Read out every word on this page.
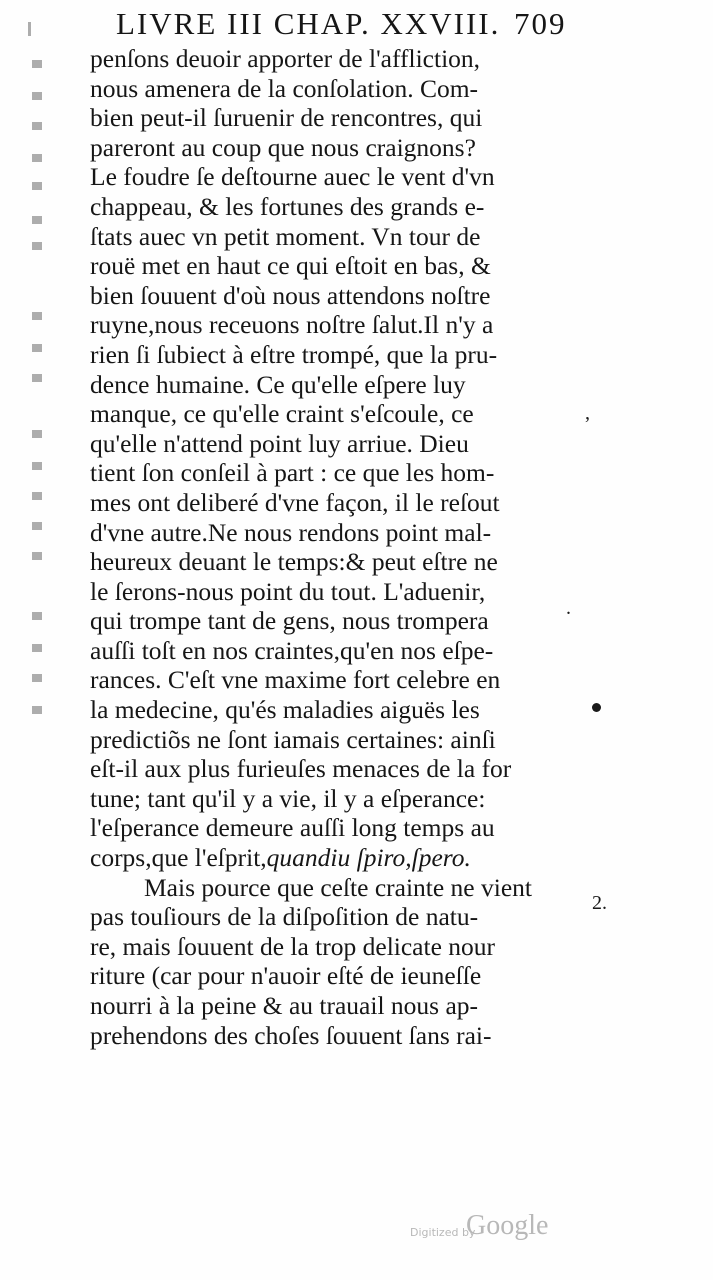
LIVRE III CHAP. XXVIII. 709
penſons deuoir apporter de l'affliction,
nous amenera de la conſolation. Com-
bien peut-il ſuruenir de rencontres, qui
pareront au coup que nous craignons?
Le foudre ſe deſtourne auec le vent d'vn
chappeau, & les fortunes des grands e-
ſtats auec vn petit moment. Vn tour de
rouë met en haut ce qui eſtoit en bas, &
bien ſouuent d'où nous attendons noſtre
ruyne,nous receuons noſtre ſalut.Il n'y a
rien ſi ſubiect à eſtre trompé, que la pru-
dence humaine. Ce qu'elle eſpere luy
manque, ce qu'elle craint s'eſcoule, ce
qu'elle n'attend point luy arriue. Dieu
tient ſon conſeil à part : ce que les hom-
mes ont deliberé d'vne façon, il le reſout
d'vne autre.Ne nous rendons point mal-
heureux deuant le temps:& peut eſtre ne
le ſerons-nous point du tout. L'aduenir,
qui trompe tant de gens, nous trompera
auſſi toſt en nos craintes,qu'en nos eſpe-
rances. C'eſt vne maxime fort celebre en
la medecine, qu'és maladies aiguës les
predictiõs ne ſont iamais certaines: ainſi
eſt-il aux plus furieuſes menaces de la for
tune; tant qu'il y a vie, il y a eſperance:
l'eſperance demeure auſſi long temps au
corps,que l'eſprit,quandiu ſpiro,ſpero.
Mais pource que ceſte crainte ne vient
pas touſiours de la diſpoſition de natu-
re, mais ſouuent de la trop delicate nour
riture (car pour n'auoir eſté de ieuneſſe
nourri à la peine & au trauail nous ap-
prehendons des choſes ſouuent ſans rai-
’
.
2.
Digitized by
Google
